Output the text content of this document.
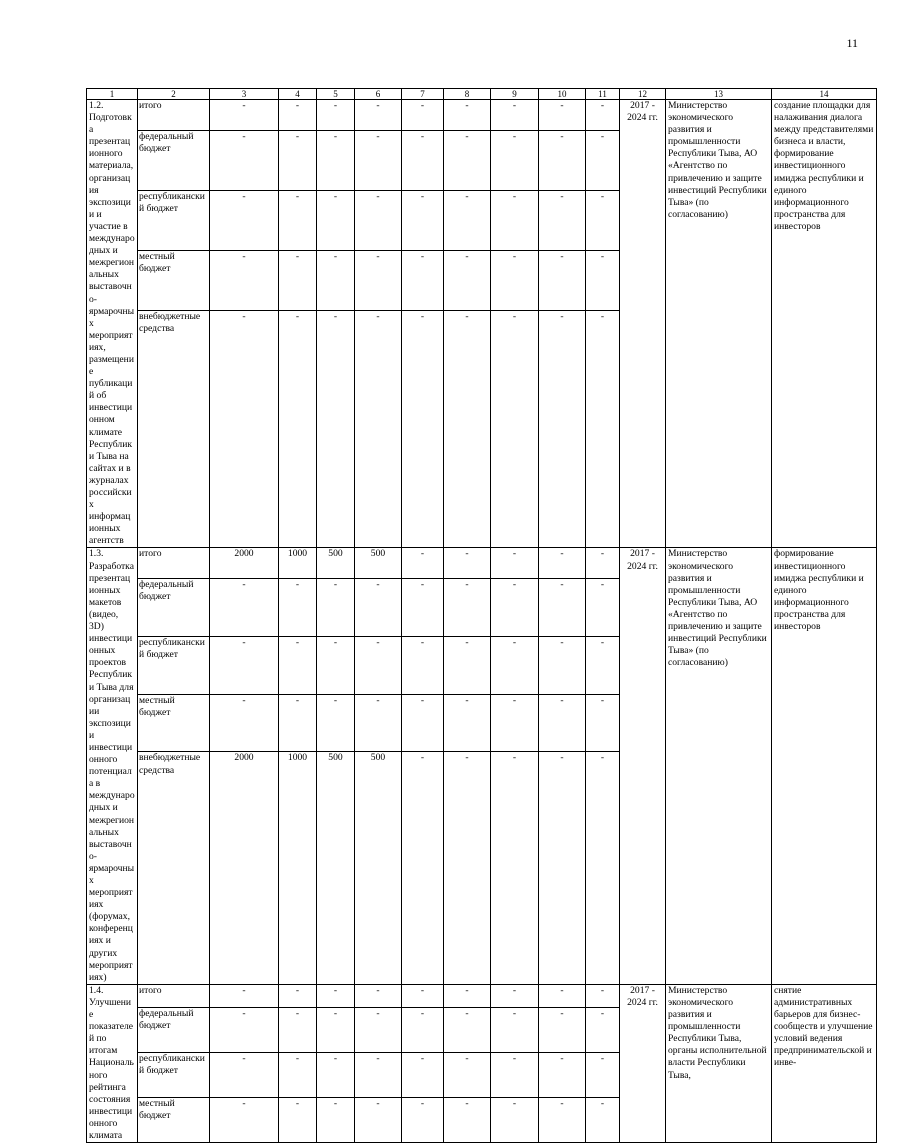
11
1	2	3	4	5	6	7	8	9	10	11	12	13	14
1.2. Подготовка презентационного материала, организация экспозиции и участие в международных и межрегиональных выставочно-ярмарочных мероприятиях, размещение публикаций об инвестиционном климате Республики Тыва на сайтах и в журналах российских информационных агентств	итого	-	-	-	-	-	-	-	-	-	2017 - 2024 гг.	Министерство экономического развития и промышленности Республики Тыва, АО «Агентство по привлечению и защите инвестиций Республики Тыва» (по согласованию)	создание площадки для налаживания диалога между представителями бизнеса и власти, формирование инвестиционного имиджа республики и единого информационного пространства для инвесторов
	федеральный бюджет	-	-	-	-	-	-	-	-	-			
	республиканский бюджет	-	-	-	-	-	-	-	-	-			
	местный бюджет	-	-	-	-	-	-	-	-	-			
	внебюджетные средства	-	-	-	-	-	-	-	-	-			
1.3. Разработка презентационных макетов (видео, 3D) инвестиционных проектов Республики Тыва для организации экспозиции инвестиционного потенциала в международных и межрегиональных выставочно-ярмарочных мероприятиях (форумах, конференциях и других мероприятиях)	итого	2000	1000	500	500	-	-	-	-	-	2017 - 2024 гг.	Министерство экономического развития и промышленности Республики Тыва, АО «Агентство по привлечению и защите инвестиций Республики Тыва» (по согласованию)	формирование инвестиционного имиджа республики и единого информационного пространства для инвесторов
	федеральный бюджет	-	-	-	-	-	-	-	-	-			
	республиканский бюджет	-	-	-	-	-	-	-	-	-			
	местный бюджет	-	-	-	-	-	-	-	-	-			
	внебюджетные средства	2000	1000	500	500	-	-	-	-	-			
1.4. Улучшение показателей по итогам Национального рейтинга состояния инвестиционного климата	итого	-	-	-	-	-	-	-	-	-	2017 - 2024 гг.	Министерство экономического развития и промышленности Республики Тыва, органы исполнительной власти Республики Тыва,	снятие административных барьеров для бизнес-сообществ и улучшение условий ведения предпринимательской и инве-
	федеральный бюджет	-	-	-	-	-	-	-	-	-			
	республиканский бюджет	-	-	-	-	-	-	-	-	-			
	местный бюджет	-	-	-	-	-	-	-	-	-			
